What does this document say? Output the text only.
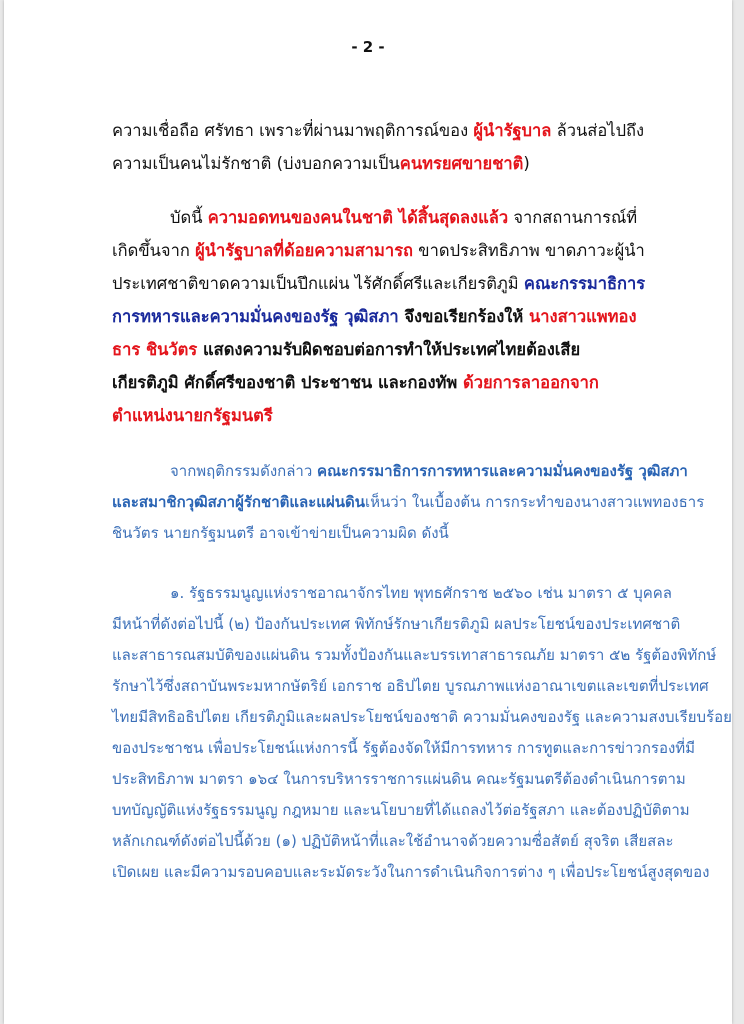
- 2 -
ความเชื่อถือ ศรัทธา เพราะที่ผ่านมาพฤติการณ์ของ ผู้นำรัฐบาล ล้วนส่อไปถึง
ความเป็นคนไม่รักชาติ (บ่งบอกความเป็นคนทรยศขายชาติ)
บัดนี้ ความอดทนของคนในชาติ ได้สิ้นสุดลงแล้ว จากสถานการณ์ที่
เกิดขึ้นจาก ผู้นำรัฐบาลที่ด้อยความสามารถ ขาดประสิทธิภาพ ขาดภาวะผู้นำ
ประเทศชาติขาดความเป็นปึกแผ่น ไร้ศักดิ์ศรีและเกียรติภูมิ คณะกรรมาธิการ
การทหารและความมั่นคงของรัฐ วุฒิสภา จึงขอเรียกร้องให้ นางสาวแพทอง
ธาร ชินวัตร แสดงความรับผิดชอบต่อการทำให้ประเทศไทยต้องเสีย
เกียรติภูมิ ศักดิ์ศรีของชาติ ประชาชน และกองทัพ ด้วยการลาออกจาก
ตำแหน่งนายกรัฐมนตรี
จากพฤติกรรมดังกล่าว คณะกรรมาธิการการทหารและความมั่นคงของรัฐ วุฒิสภา
และสมาชิกวุฒิสภาผู้รักชาติและแผ่นดินเห็นว่า ในเบื้องต้น การกระทำของนางสาวแพทองธาร
ชินวัตร นายกรัฐมนตรี อาจเข้าข่ายเป็นความผิด ดังนี้
๑. รัฐธรรมนูญแห่งราชอาณาจักรไทย พุทธศักราช ๒๕๖๐ เช่น มาตรา ๕ บุคคล
มีหน้าที่ดังต่อไปนี้ (๒) ป้องกันประเทศ พิทักษ์รักษาเกียรติภูมิ ผลประโยชน์ของประเทศชาติ
และสาธารณสมบัติของแผ่นดิน รวมทั้งป้องกันและบรรเทาสาธารณภัย มาตรา ๕๒ รัฐต้องพิทักษ์
รักษาไว้ซึ่งสถาบันพระมหากษัตริย์ เอกราช อธิปไตย บูรณภาพแห่งอาณาเขตและเขตที่ประเทศ
ไทยมีสิทธิอธิปไตย เกียรติภูมิและผลประโยชน์ของชาติ ความมั่นคงของรัฐ และความสงบเรียบร้อย
ของประชาชน เพื่อประโยชน์แห่งการนี้ รัฐต้องจัดให้มีการทหาร การทูตและการข่าวกรองที่มี
ประสิทธิภาพ มาตรา ๑๖๔ ในการบริหารราชการแผ่นดิน คณะรัฐมนตรีต้องดำเนินการตาม
บทบัญญัติแห่งรัฐธรรมนูญ กฎหมาย และนโยบายที่ได้แถลงไว้ต่อรัฐสภา และต้องปฏิบัติตาม
หลักเกณฑ์ดังต่อไปนี้ด้วย (๑) ปฏิบัติหน้าที่และใช้อำนาจด้วยความซื่อสัตย์ สุจริต เสียสละ
เปิดเผย และมีความรอบคอบและระมัดระวังในการดำเนินกิจการต่าง ๆ เพื่อประโยชน์สูงสุดของ
